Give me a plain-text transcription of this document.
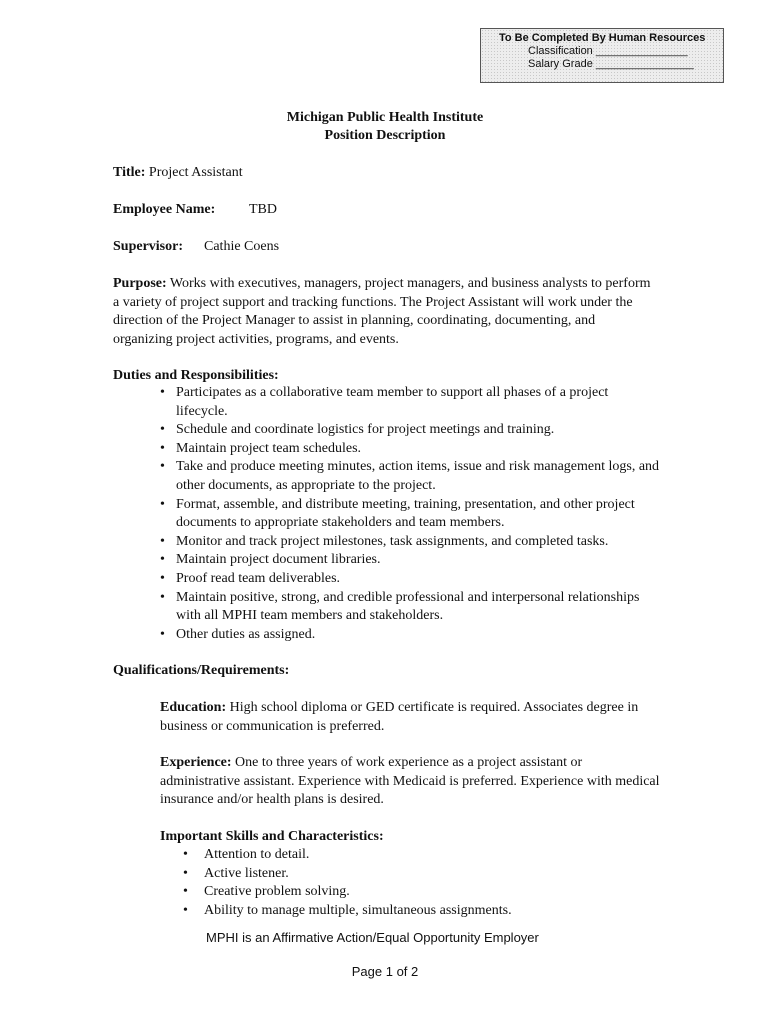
To Be Completed By Human Resources
Classification _______________
Salary Grade ________________
Michigan Public Health Institute
Position Description
Title: Project Assistant
Employee Name: TBD
Supervisor: Cathie Coens
Purpose: Works with executives, managers, project managers, and business analysts to perform a variety of project support and tracking functions. The Project Assistant will work under the direction of the Project Manager to assist in planning, coordinating, documenting, and organizing project activities, programs, and events.
Duties and Responsibilities:
• Participates as a collaborative team member to support all phases of a project lifecycle.
• Schedule and coordinate logistics for project meetings and training.
• Maintain project team schedules.
• Take and produce meeting minutes, action items, issue and risk management logs, and other documents, as appropriate to the project.
• Format, assemble, and distribute meeting, training, presentation, and other project documents to appropriate stakeholders and team members.
• Monitor and track project milestones, task assignments, and completed tasks.
• Maintain project document libraries.
• Proof read team deliverables.
• Maintain positive, strong, and credible professional and interpersonal relationships with all MPHI team members and stakeholders.
• Other duties as assigned.
Qualifications/Requirements:
Education: High school diploma or GED certificate is required. Associates degree in business or communication is preferred.
Experience: One to three years of work experience as a project assistant or administrative assistant. Experience with Medicaid is preferred. Experience with medical insurance and/or health plans is desired.
Important Skills and Characteristics:
• Attention to detail.
• Active listener.
• Creative problem solving.
• Ability to manage multiple, simultaneous assignments.
MPHI is an Affirmative Action/Equal Opportunity Employer
Page 1 of 2
